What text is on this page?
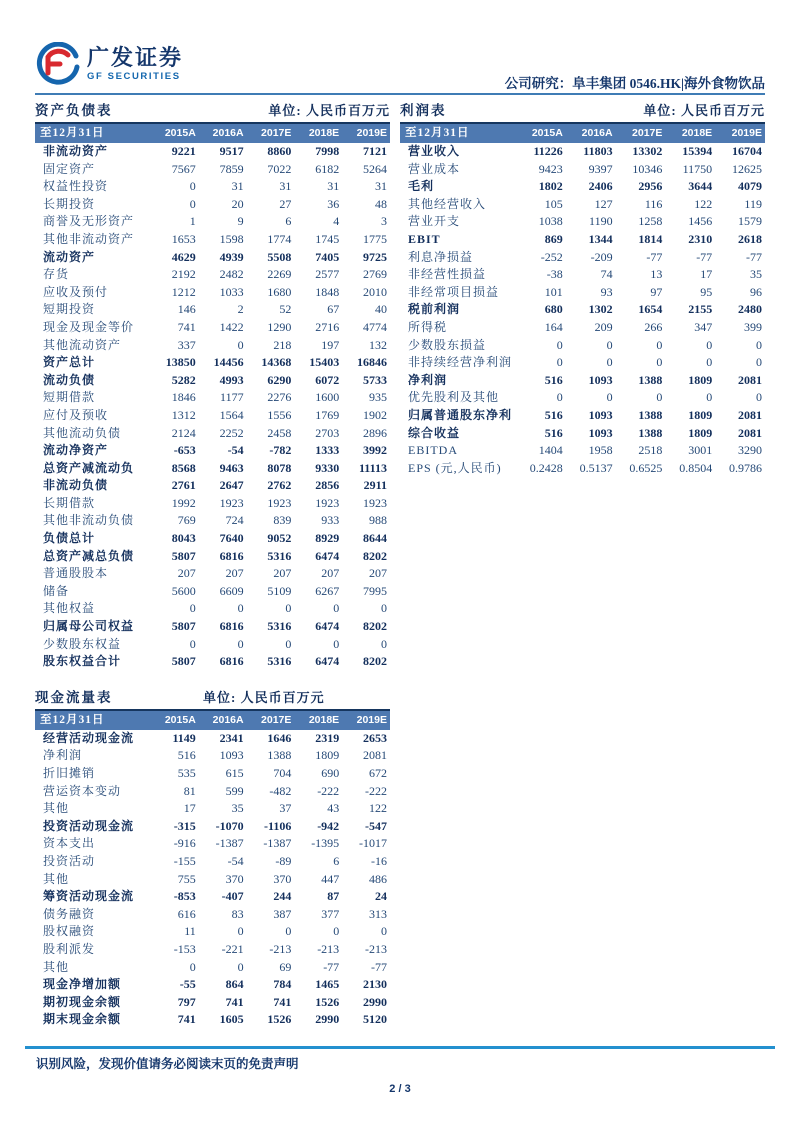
广发证券
GF SECURITIES	公司研究：阜丰集团 0546.HK|海外食物饮品
资产负债表	单位: 人民币百万元
至12月31日	2015A	2016A	2017E	2018E	2019E
非流动资产	9221	9517	8860	7998	7121
固定资产	7567	7859	7022	6182	5264
权益性投资	0	31	31	31	31
长期投资	0	20	27	36	48
商誉及无形资产	1	9	6	4	3
其他非流动资产	1653	1598	1774	1745	1775
流动资产	4629	4939	5508	7405	9725
存货	2192	2482	2269	2577	2769
应收及预付	1212	1033	1680	1848	2010
短期投资	146	2	52	67	40
现金及现金等价	741	1422	1290	2716	4774
其他流动资产	337	0	218	197	132
资产总计	13850	14456	14368	15403	16846
流动负债	5282	4993	6290	6072	5733
短期借款	1846	1177	2276	1600	935
应付及预收	1312	1564	1556	1769	1902
其他流动负债	2124	2252	2458	2703	2896
流动净资产	-653	-54	-782	1333	3992
总资产减流动负	8568	9463	8078	9330	11113
非流动负债	2761	2647	2762	2856	2911
长期借款	1992	1923	1923	1923	1923
其他非流动负债	769	724	839	933	988
负债总计	8043	7640	9052	8929	8644
总资产减总负债	5807	6816	5316	6474	8202
普通股股本	207	207	207	207	207
储备	5600	6609	5109	6267	7995
其他权益	0	0	0	0	0
归属母公司权益	5807	6816	5316	6474	8202
少数股东权益	0	0	0	0	0
股东权益合计	5807	6816	5316	6474	8202
现金流量表	单位: 人民币百万元
至12月31日	2015A	2016A	2017E	2018E	2019E
经营活动现金流	1149	2341	1646	2319	2653
净利润	516	1093	1388	1809	2081
折旧摊销	535	615	704	690	672
营运资本变动	81	599	-482	-222	-222
其他	17	35	37	43	122
投资活动现金流	-315	-1070	-1106	-942	-547
资本支出	-916	-1387	-1387	-1395	-1017
投资活动	-155	-54	-89	6	-16
其他	755	370	370	447	486
筹资活动现金流	-853	-407	244	87	24
债务融资	616	83	387	377	313
股权融资	11	0	0	0	0
股利派发	-153	-221	-213	-213	-213
其他	0	0	69	-77	-77
现金净增加额	-55	864	784	1465	2130
期初现金余额	797	741	741	1526	2990
期末现金余额	741	1605	1526	2990	5120
利润表	单位: 人民币百万元
至12月31日	2015A	2016A	2017E	2018E	2019E
营业收入	11226	11803	13302	15394	16704
营业成本	9423	9397	10346	11750	12625
毛利	1802	2406	2956	3644	4079
其他经营收入	105	127	116	122	119
营业开支	1038	1190	1258	1456	1579
EBIT	869	1344	1814	2310	2618
利息净损益	-252	-209	-77	-77	-77
非经营性损益	-38	74	13	17	35
非经常项目损益	101	93	97	95	96
税前利润	680	1302	1654	2155	2480
所得税	164	209	266	347	399
少数股东损益	0	0	0	0	0
非持续经营净利润	0	0	0	0	0
净利润	516	1093	1388	1809	2081
优先股利及其他	0	0	0	0	0
归属普通股东净利	516	1093	1388	1809	2081
综合收益	516	1093	1388	1809	2081
EBITDA	1404	1958	2518	3001	3290
EPS (元,人民币)	0.2428	0.5137	0.6525	0.8504	0.9786
识别风险，发现价值请务必阅读末页的免责声明
2 / 3
